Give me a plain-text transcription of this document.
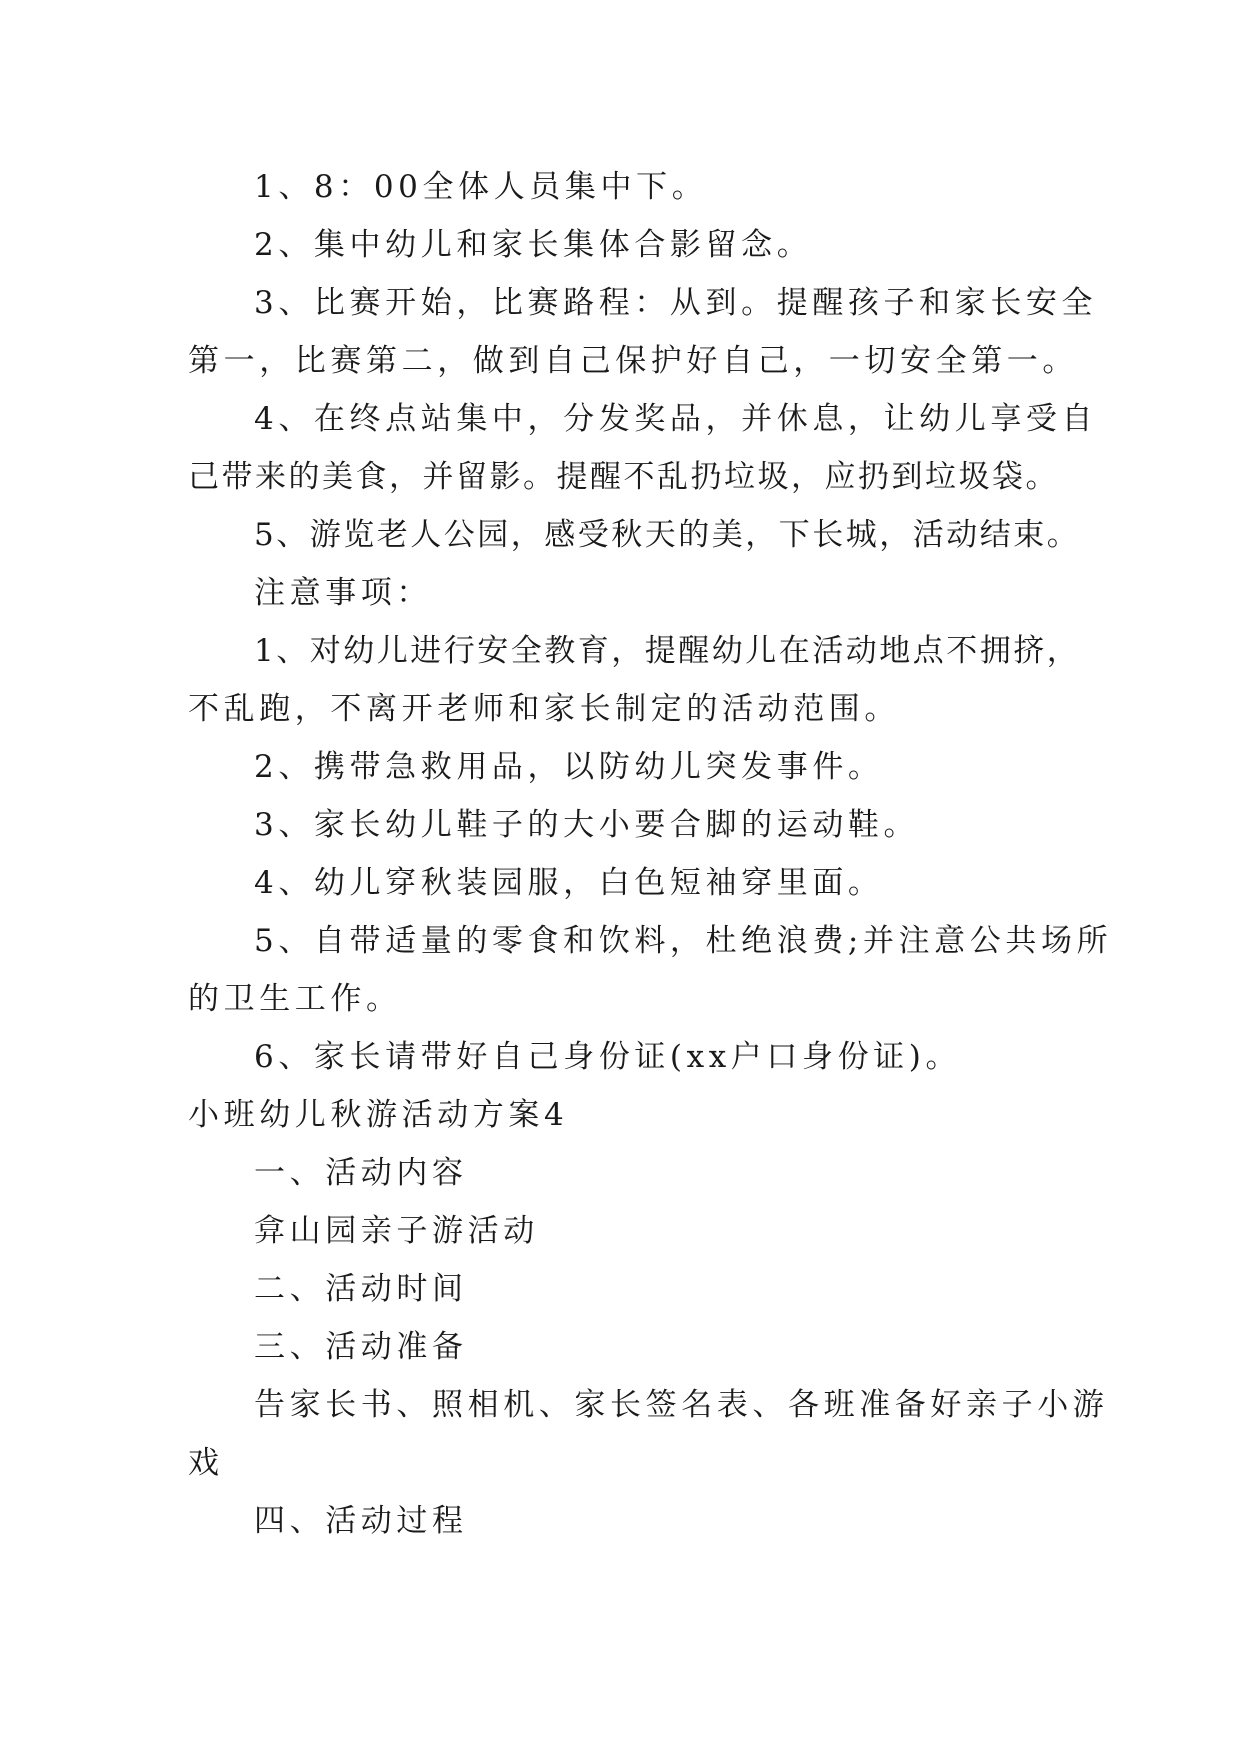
1、8：00全体人员集中下。
2、集中幼儿和家长集体合影留念。
3、比赛开始，比赛路程：从到。提醒孩子和家长安全
第一，比赛第二，做到自己保护好自己，一切安全第一。
4、在终点站集中，分发奖品，并休息，让幼儿享受自
己带来的美食，并留影。提醒不乱扔垃圾，应扔到垃圾袋。
5、游览老人公园，感受秋天的美，下长城，活动结束。
注意事项：
1、对幼儿进行安全教育，提醒幼儿在活动地点不拥挤，
不乱跑，不离开老师和家长制定的活动范围。
2、携带急救用品，以防幼儿突发事件。
3、家长幼儿鞋子的大小要合脚的运动鞋。
4、幼儿穿秋装园服，白色短袖穿里面。
5、自带适量的零食和饮料，杜绝浪费;并注意公共场所
的卫生工作。
6、家长请带好自己身份证(xx户口身份证)。
小班幼儿秋游活动方案4
一、活动内容
弇山园亲子游活动
二、活动时间
三、活动准备
告家长书、照相机、家长签名表、各班准备好亲子小游
戏
四、活动过程
